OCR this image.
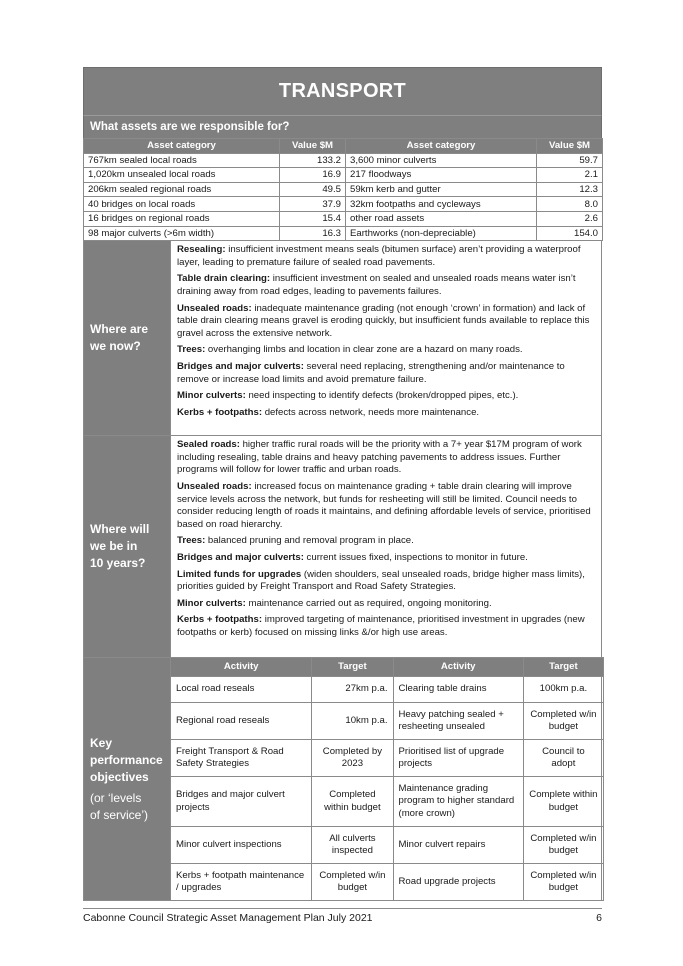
TRANSPORT
What assets are we responsible for?
Asset category	Value $M	Asset category	Value $M
767km sealed local roads	133.2	3,600 minor culverts	59.7
1,020km unsealed local roads	16.9	217 floodways	2.1
206km sealed regional roads	49.5	59km kerb and gutter	12.3
40 bridges on local roads	37.9	32km footpaths and cycleways	8.0
16 bridges on regional roads	15.4	other road assets	2.6
98 major culverts (>6m width)	16.3	Earthworks (non-depreciable)	154.0
Where are
we now?

Resealing: insufficient investment means seals (bitumen surface) aren’t providing a waterproof layer, leading to premature failure of sealed road pavements.

Table drain clearing: insufficient investment on sealed and unsealed roads means water isn’t draining away from road edges, leading to pavements failures.

Unsealed roads: inadequate maintenance grading (not enough ‘crown’ in formation) and lack of table drain clearing means gravel is eroding quickly, but insufficient funds available to replace this gravel across the extensive network.

Trees: overhanging limbs and location in clear zone are a hazard on many roads.

Bridges and major culverts: several need replacing, strengthening and/or maintenance to remove or increase load limits and avoid premature failure.

Minor culverts: need inspecting to identify defects (broken/dropped pipes, etc.).

Kerbs + footpaths: defects across network, needs more maintenance.

Where will
we be in
10 years?

Sealed roads: higher traffic rural roads will be the priority with a 7+ year $17M program of work including resealing, table drains and heavy patching pavements to address issues. Further programs will follow for lower traffic and urban roads.

Unsealed roads: increased focus on maintenance grading + table drain clearing will improve service levels across the network, but funds for resheeting will still be limited. Council needs to consider reducing length of roads it maintains, and defining affordable levels of service, prioritised based on road hierarchy.

Trees: balanced pruning and removal program in place.

Bridges and major culverts: current issues fixed, inspections to monitor in future.

Limited funds for upgrades (widen shoulders, seal unsealed roads, bridge higher mass limits), priorities guided by Freight Transport and Road Safety Strategies.

Minor culverts: maintenance carried out as required, ongoing monitoring.

Kerbs + footpaths: improved targeting of maintenance, prioritised investment in upgrades (new footpaths or kerb) focused on missing links &/or high use areas.

Key
performance
objectives
(or ‘levels
of service’)
Activity	Target	Activity	Target
Local road reseals	27km p.a.	Clearing table drains	100km p.a.
Regional road reseals	10km p.a.	Heavy patching sealed + resheeting unsealed	Completed w/in budget
Freight Transport & Road Safety Strategies	Completed by 2023	Prioritised list of upgrade projects	Council to adopt
Bridges and major culvert projects	Completed within budget	Maintenance grading program to higher standard (more crown)	Complete within budget
Minor culvert inspections	All culverts inspected	Minor culvert repairs	Completed w/in budget
Kerbs + footpath maintenance / upgrades	Completed w/in budget	Road upgrade projects	Completed w/in budget
Cabonne Council Strategic Asset Management Plan July 2021	6
